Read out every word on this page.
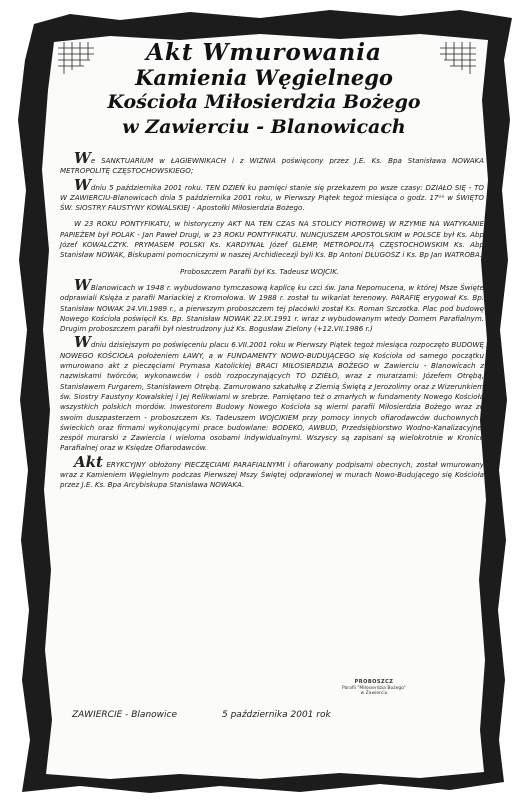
Akt Wmurowania
Kamienia Węgielnego
Kościoła Miłosierdzia Bożego
w Zawierciu - Blanowicach

We SANKTUARIUM w ŁAGIEWNIKACH i z WIZNIA poświęcony przez J.E. Ks. Bpa Stanisława NOWAKA METROPOLITĘ CZĘSTOCHOWSKIEGO;

Wdniu 5 października 2001 roku. TEN DZIEŃ ku pamięci stanie się przekazem po wsze czasy: DZIAŁO SIĘ - TO W ZAWIERCIU-Blanowicach dnia 5 października 2001 roku, w Pierwszy Piątek tegoż miesiąca o godz. 17ᵒᵒ w ŚWIĘTO ŚW. SIOSTRY FAUSTYNY KOWALSKIEJ - Apostołki Miłosierdzia Bożego.

W 23 ROKU PONTYFIKATU, w historyczny AKT NA TEN CZAS NA STOLICY PIOTROWEJ W RZYMIE NA WATYKANIE PAPIEŻEM był POLAK - Jan Paweł Drugi, w 23 ROKU PONTYFIKATU. NUNCJUSZEM APOSTOLSKIM w POLSCE był Ks. Abp Józef KOWALCZYK. PRYMASEM POLSKI Ks. KARDYNAŁ Józef GLEMP, METROPOLITĄ CZĘSTOCHOWSKIM Ks. Abp Stanisław NOWAK, Biskupami pomocniczymi w naszej Archidiecezji byli Ks. Bp Antoni DŁUGOSZ i Ks. Bp Jan WATROBA.

Proboszczem Parafii był Ks. Tadeusz WOJCIK.

WBlanowicach w 1948 r. wybudowano tymczasową kaplicę ku czci św. Jana Nepomucena, w której Msze Święte odprawiali Księża z parafii Mariackiej z Kromołowa. W 1988 r. został tu wikariat terenowy. PARAFIĘ erygował Ks. Bp. Stanisław NOWAK 24.VII.1989 r., a pierwszym proboszczem tej placówki został Ks. Roman Szczotka. Plac pod budowę Nowego Kościoła poświęcił Ks. Bp. Stanisław NOWAK 22.IX.1991 r. wraz z wybudowanym wtedy Domem Parafialnym. Drugim proboszczem parafii był niestrudzony już Ks. Bogusław Zielony (+12.VII.1986 r.)

Wdniu dzisiejszym po poświęceniu placu 6.VII.2001 roku w Pierwszy Piątek tegoż miesiąca rozpoczęto BUDOWĘ NOWEGO KOŚCIOŁA położeniem ŁAWY, a w FUNDAMENTY NOWO-BUDUJĄCEGO się Kościoła od samego początku wmurowano akt z pieczęciami Prymasa Katolickiej BRACI MIŁOSIERDZIA BOŻEGO w Zawierciu - Blanowicach z nazwiskami twórców, wykonawców i osób rozpoczynających TO DZIEŁO, wraz z murarzami: Józefem Otrębą, Stanisławem Furgarem, Stanisławem Otrębą. Zamurowano szkatułkę z Ziemią Świętą z Jerozolimy oraz z Wizerunkiem św. Siostry Faustyny Kowalskiej i Jej Relikwiami w srebrze. Pamiętano też o zmarłych w fundamenty Nowego Kościoła wszystkich polskich mordów. Inwestorem Budowy Nowego Kościoła są wierni parafii Miłosierdzia Bożego wraz ze swoim duszpasterzem - proboszczem Ks. Tadeuszem WOJCIKIEM przy pomocy innych ofiarodawców duchownych i świeckich oraz firmami wykonującymi prace budowlane: BODEKO, AWBUD, Przedsiębiorstwo Wodno-Kanalizacyjne, zespół murarski z Zawiercia i wieloma osobami indywidualnymi. Wszyscy są zapisani są wielokrotnie w Kronice Parafialnej oraz w Księdze Ofiarodawców.

Akt ERYKCYJNY obłożony PIECZĘCIAMI PARAFIALNYMI i ofiarowany podpisami obecnych, został wmurowany wraz z Kamieniem Węgielnym podczas Pierwszej Mszy Świętej odprawionej w murach Nowo-Budującego się Kościoła przez J.E. Ks. Bpa Arcybiskupa Stanisława NOWAKA.

PROBOSZCZ
Parafii "Miłosierdzia Bożego"
w Zawierciu
ZAWIERCIE - Blanowice	5 października 2001 rok
